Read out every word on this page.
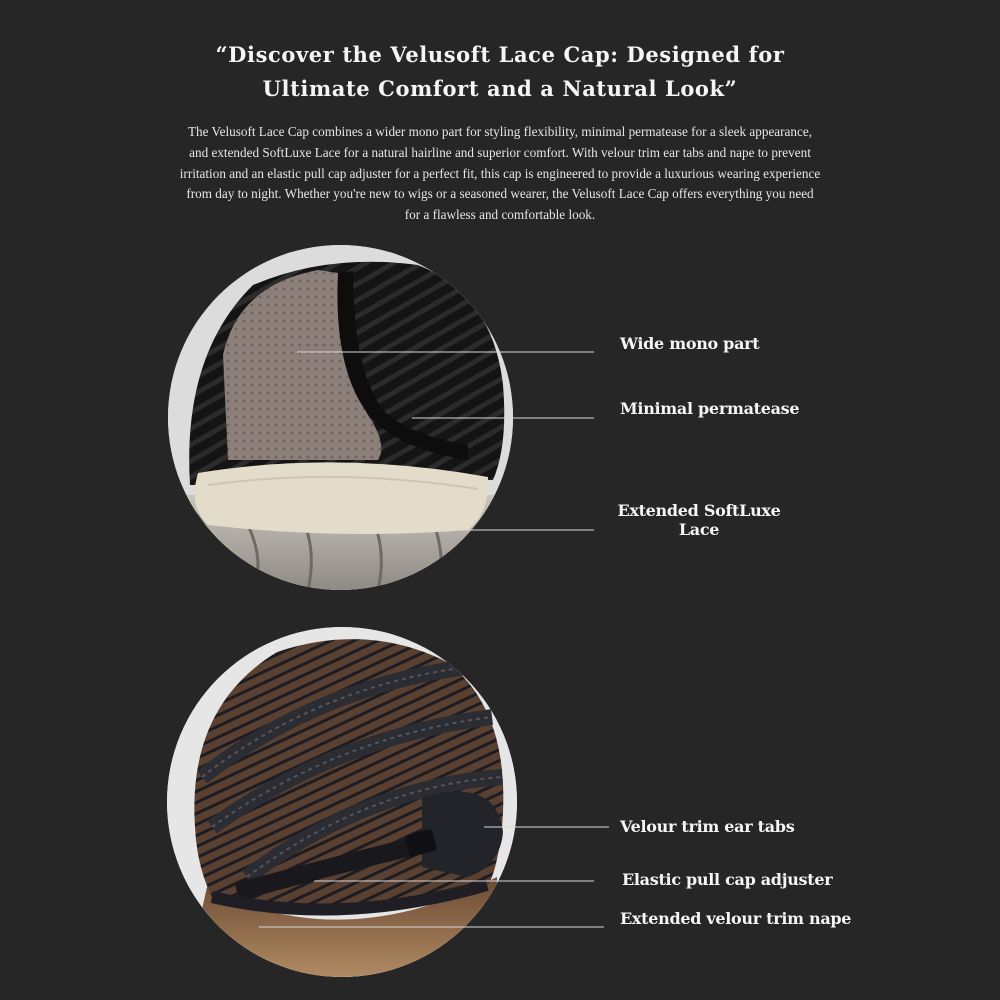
“Discover the Velusoft Lace Cap: Designed for
Ultimate Comfort and a Natural Look”
The Velusoft Lace Cap combines a wider mono part for styling flexibility, minimal permatease for a sleek appearance, and extended SoftLuxe Lace for a natural hairline and superior comfort. With velour trim ear tabs and nape to prevent irritation and an elastic pull cap adjuster for a perfect fit, this cap is engineered to provide a luxurious wearing experience from day to night. Whether you're new to wigs or a seasoned wearer, the Velusoft Lace Cap offers everything you need for a flawless and comfortable look.
Wide mono part
Minimal permatease
Extended SoftLuxe
Lace
Velour trim ear tabs
Elastic pull cap adjuster
Extended velour trim nape
